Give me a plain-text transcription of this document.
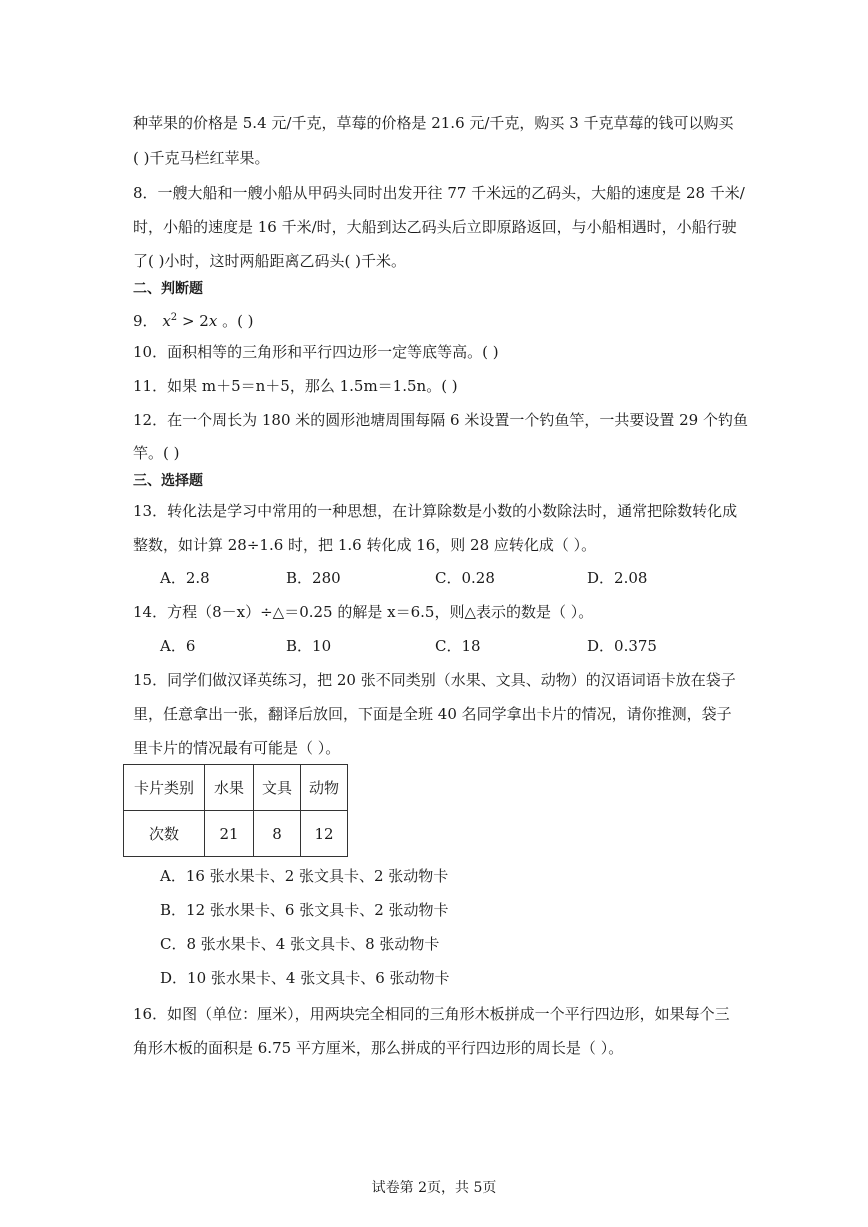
种苹果的价格是 5.4 元/千克，草莓的价格是 21.6 元/千克，购买 3 千克草莓的钱可以购买
( )千克马栏红苹果。
8．一艘大船和一艘小船从甲码头同时出发开往 77 千米远的乙码头，大船的速度是 28 千米/
时，小船的速度是 16 千米/时，大船到达乙码头后立即原路返回，与小船相遇时，小船行驶
了( )小时，这时两船距离乙码头( )千米。
二、判断题
9． $x^2 > 2x$ 。( )
10．面积相等的三角形和平行四边形一定等底等高。( )
11．如果 m＋5＝n＋5，那么 1.5m＝1.5n。( )
12．在一个周长为 180 米的圆形池塘周围每隔 6 米设置一个钓鱼竿，一共要设置 29 个钓鱼
竿。( )
三、选择题
13．转化法是学习中常用的一种思想，在计算除数是小数的小数除法时，通常把除数转化成
整数，如计算 28÷1.6 时，把 1.6 转化成 16，则 28 应转化成（ ）。
A．2.8	B．280	C．0.28	D．2.08
14．方程（8－x）÷△＝0.25 的解是 x＝6.5，则△表示的数是（ ）。
A．6	B．10	C．18	D．0.375
15．同学们做汉译英练习，把 20 张不同类别（水果、文具、动物）的汉语词语卡放在袋子
里，任意拿出一张，翻译后放回，下面是全班 40 名同学拿出卡片的情况，请你推测，袋子
里卡片的情况最有可能是（ ）。
卡片类别	水果	文具	动物
次数	21	8	12
A．16 张水果卡、2 张文具卡、2 张动物卡
B．12 张水果卡、6 张文具卡、2 张动物卡
C．8 张水果卡、4 张文具卡、8 张动物卡
D．10 张水果卡、4 张文具卡、6 张动物卡
16．如图（单位：厘米），用两块完全相同的三角形木板拼成一个平行四边形，如果每个三
角形木板的面积是 6.75 平方厘米，那么拼成的平行四边形的周长是（ ）。
试卷第 2页，共 5页
